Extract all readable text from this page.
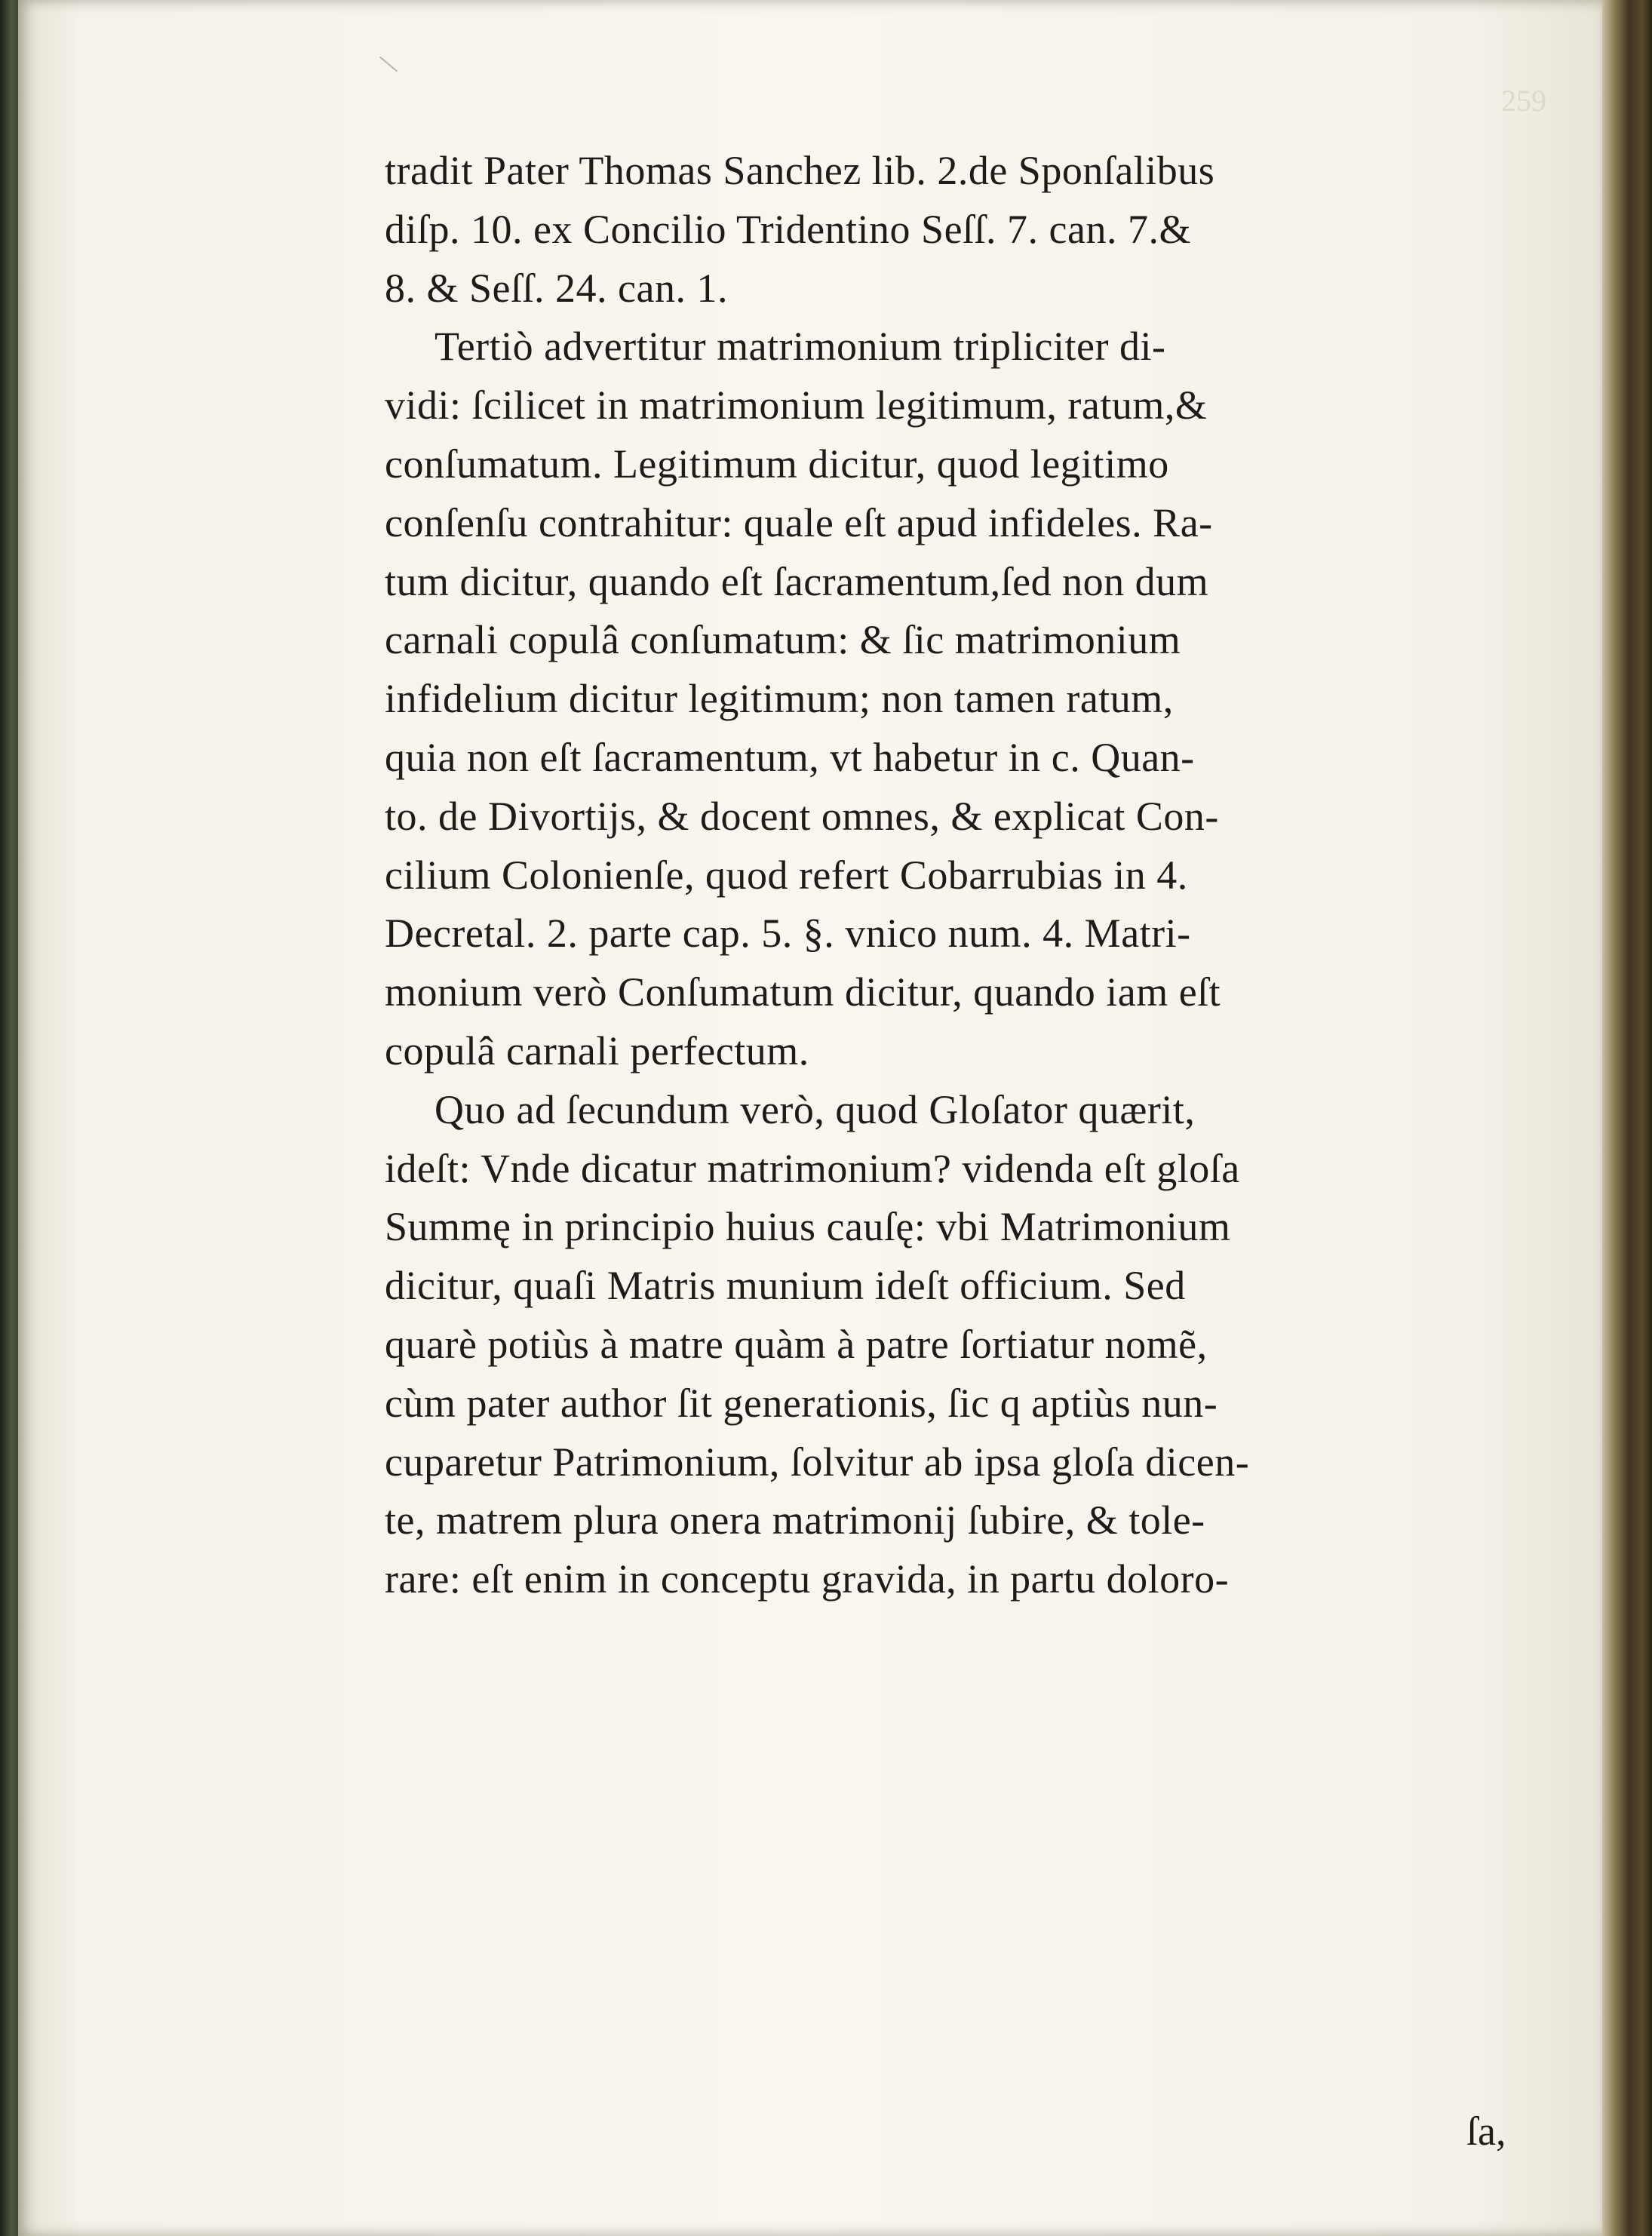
259
tradit Pater Thomas Sanchez lib. 2.de Sponſalibus
diſp. 10. ex Concilio Tridentino Seſſ. 7. can. 7.&
8. & Seſſ. 24. can. 1.
Tertiò advertitur matrimonium tripliciter di-
vidi: ſcilicet in matrimonium legitimum, ratum,&
conſumatum. Legitimum dicitur, quod legitimo
conſenſu contrahitur: quale eſt apud infideles. Ra-
tum dicitur, quando eſt ſacramentum,ſed non dum
carnali copulâ conſumatum: & ſic matrimonium
infidelium dicitur legitimum; non tamen ratum,
quia non eſt ſacramentum, vt habetur in c. Quan-
to. de Divortijs, & docent omnes, & explicat Con-
cilium Colonienſe, quod refert Cobarrubias in 4.
Decretal. 2. parte cap. 5. §. vnico num. 4. Matri-
monium verò Conſumatum dicitur, quando iam eſt
copulâ carnali perfectum.
Quo ad ſecundum verò, quod Gloſator quærit,
ideſt: Vnde dicatur matrimonium? videnda eſt gloſa
Summę in principio huius cauſę: vbi Matrimonium
dicitur, quaſi Matris munium ideſt officium. Sed
quarè potiùs à matre quàm à patre ſortiatur nomẽ,
cùm pater author ſit generationis, ſic q aptiùs nun-
cuparetur Patrimonium, ſolvitur ab ipsa gloſa dicen-
te, matrem plura onera matrimonij ſubire, & tole-
rare: eſt enim in conceptu gravida, in partu doloro-
ſa,
